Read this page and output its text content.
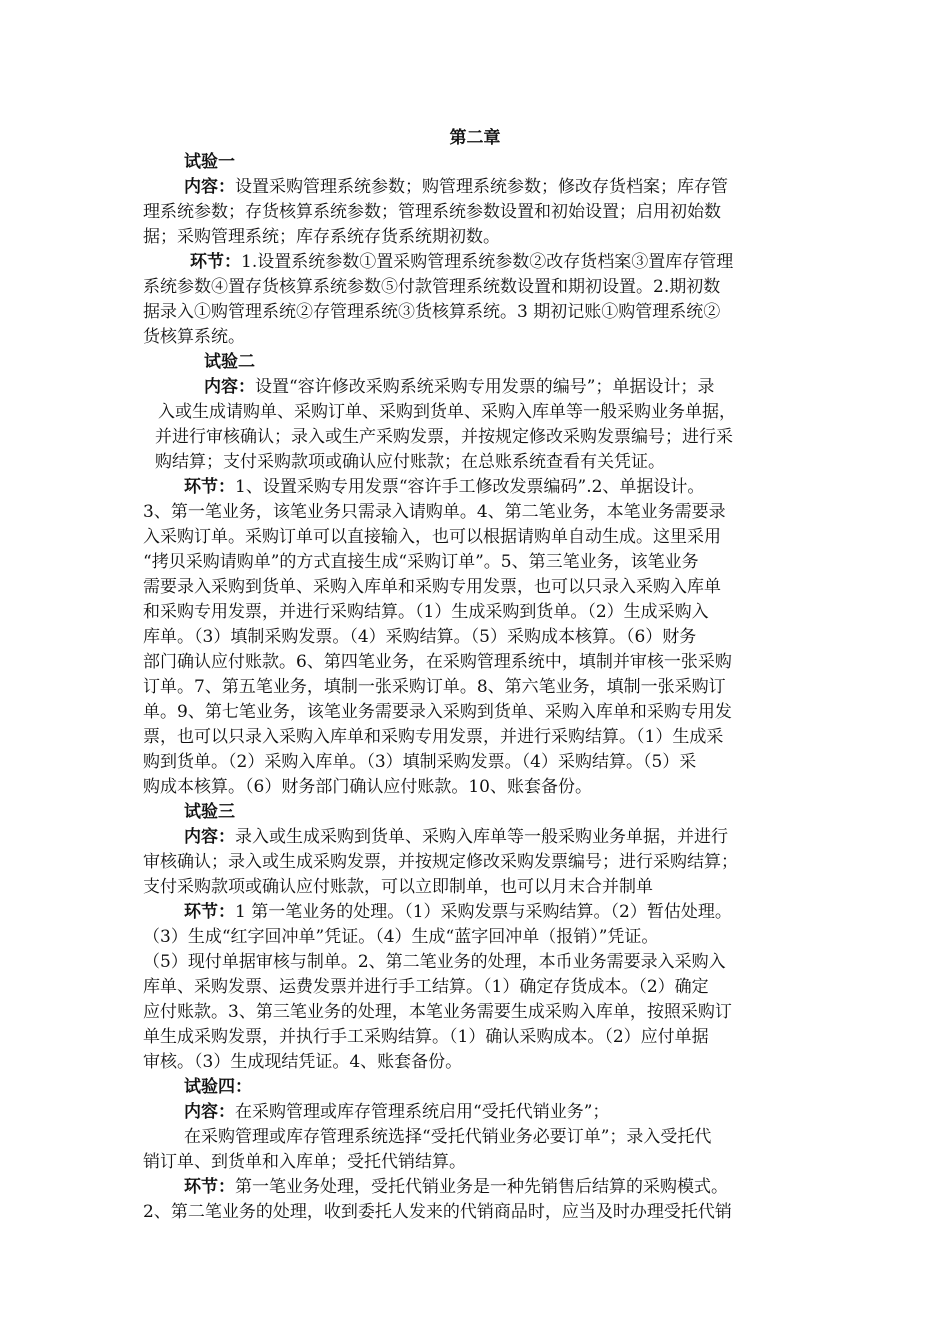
第二章
试验一
内容：设置采购管理系统参数；购管理系统参数；修改存货档案；库存管
理系统参数；存货核算系统参数；管理系统参数设置和初始设置；启用初始数
据；采购管理系统；库存系统存货系统期初数。
环节：1.设置系统参数①置采购管理系统参数②改存货档案③置库存管理
系统参数④置存货核算系统参数⑤付款管理系统数设置和期初设置。2.期初数
据录入①购管理系统②存管理系统③货核算系统。3 期初记账①购管理系统②
货核算系统。
试验二
内容：设置“容许修改采购系统采购专用发票的编号”；单据设计；录
入或生成请购单、采购订单、采购到货单、采购入库单等一般采购业务单据，
并进行审核确认；录入或生产采购发票，并按规定修改采购发票编号；进行采
购结算；支付采购款项或确认应付账款；在总账系统查看有关凭证。
环节：1、设置采购专用发票“容许手工修改发票编码”.2、单据设计。
3、第一笔业务，该笔业务只需录入请购单。4、第二笔业务，本笔业务需要录
入采购订单。采购订单可以直接输入，也可以根据请购单自动生成。这里采用
“拷贝采购请购单”的方式直接生成“采购订单”。5、第三笔业务，该笔业务
需要录入采购到货单、采购入库单和采购专用发票，也可以只录入采购入库单
和采购专用发票，并进行采购结算。（1）生成采购到货单。（2）生成采购入
库单。（3）填制采购发票。（4）采购结算。（5）采购成本核算。（6）财务
部门确认应付账款。6、第四笔业务，在采购管理系统中，填制并审核一张采购
订单。7、第五笔业务，填制一张采购订单。8、第六笔业务，填制一张采购订
单。9、第七笔业务，该笔业务需要录入采购到货单、采购入库单和采购专用发
票，也可以只录入采购入库单和采购专用发票，并进行采购结算。（1）生成采
购到货单。（2）采购入库单。（3）填制采购发票。（4）采购结算。（5）采
购成本核算。（6）财务部门确认应付账款。10、账套备份。
试验三
内容：录入或生成采购到货单、采购入库单等一般采购业务单据，并进行
审核确认；录入或生成采购发票，并按规定修改采购发票编号；进行采购结算；
支付采购款项或确认应付账款，可以立即制单，也可以月末合并制单
环节：1 第一笔业务的处理。（1）采购发票与采购结算。（2）暂估处理。
（3）生成“红字回冲单”凭证。（4）生成“蓝字回冲单（报销）”凭证。
（5）现付单据审核与制单。2、第二笔业务的处理，本币业务需要录入采购入
库单、采购发票、运费发票并进行手工结算。（1）确定存货成本。（2）确定
应付账款。3、第三笔业务的处理，本笔业务需要生成采购入库单，按照采购订
单生成采购发票，并执行手工采购结算。（1）确认采购成本。（2）应付单据
审核。（3）生成现结凭证。4、账套备份。
试验四：
内容：在采购管理或库存管理系统启用“受托代销业务”；
在采购管理或库存管理系统选择“受托代销业务必要订单”；录入受托代
销订单、到货单和入库单；受托代销结算。
环节：第一笔业务处理，受托代销业务是一种先销售后结算的采购模式。
2、第二笔业务的处理，收到委托人发来的代销商品时，应当及时办理受托代销
